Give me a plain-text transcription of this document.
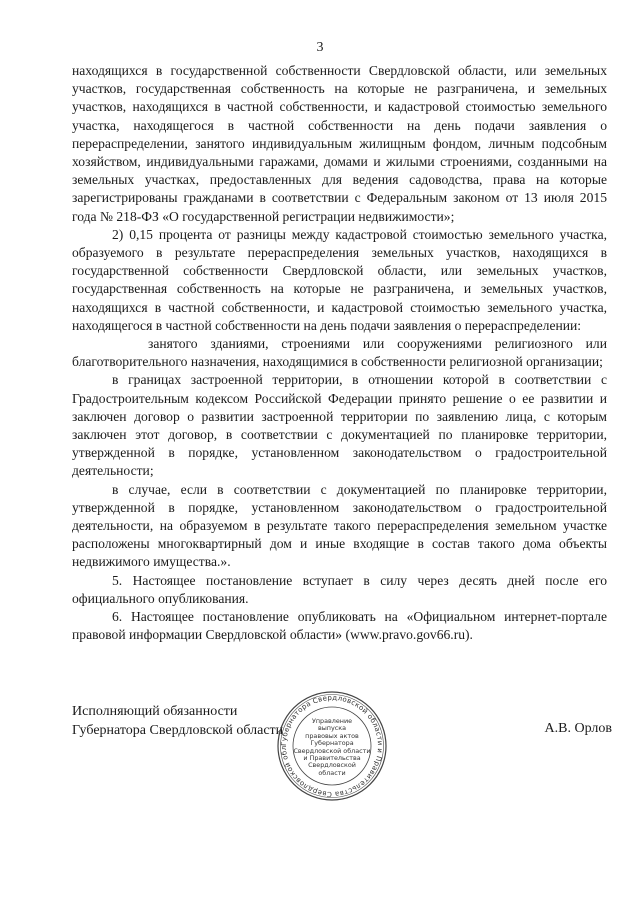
3

находящихся в государственной собственности Свердловской области, или земельных участков, государственная собственность на которые не разграничена, и земельных участков, находящихся в частной собственности, и кадастровой стоимостью земельного участка, находящегося в частной собственности на день подачи заявления о перераспределении, занятого индивидуальным жилищным фондом, личным подсобным хозяйством, индивидуальными гаражами, домами и жилыми строениями, созданными на земельных участках, предоставленных для ведения садоводства, права на которые зарегистрированы гражданами в соответствии с Федеральным законом от 13 июля 2015 года № 218-ФЗ «О государственной регистрации недвижимости»;

2) 0,15 процента от разницы между кадастровой стоимостью земельного участка, образуемого в результате перераспределения земельных участков, находящихся в государственной собственности Свердловской области, или земельных участков, государственная собственность на которые не разграничена, и земельных участков, находящихся в частной собственности, и кадастровой стоимостью земельного участка, находящегося в частной собственности на день подачи заявления о перераспределении:

занятого зданиями, строениями или сооружениями религиозного или благотворительного назначения, находящимися в собственности религиозной организации;

в границах застроенной территории, в отношении которой в соответствии с Градостроительным кодексом Российской Федерации принято решение о ее развитии и заключен договор о развитии застроенной территории по заявлению лица, с которым заключен этот договор, в соответствии с документацией по планировке территории, утвержденной в порядке, установленном законодательством о градостроительной деятельности;

в случае, если в соответствии с документацией по планировке территории, утвержденной в порядке, установленном законодательством о градостроительной деятельности, на образуемом в результате такого перераспределения земельном участке расположены многоквартирный дом и иные входящие в состав такого дома объекты недвижимого имущества.».

5. Настоящее постановление вступает в силу через десять дней после его официального опубликования.

6. Настоящее постановление опубликовать на «Официальном интернет-портале правовой информации Свердловской области» (www.pravo.gov66.ru).

Исполняющий обязанности
Губернатора Свердловской области	А.В. Орлов
Губернатора Свердловской области и Правительства Свердловской обл
Управление
выпуска
правовых актов
Губернатора
Свердловской области
и Правительства
Свердловской
области
